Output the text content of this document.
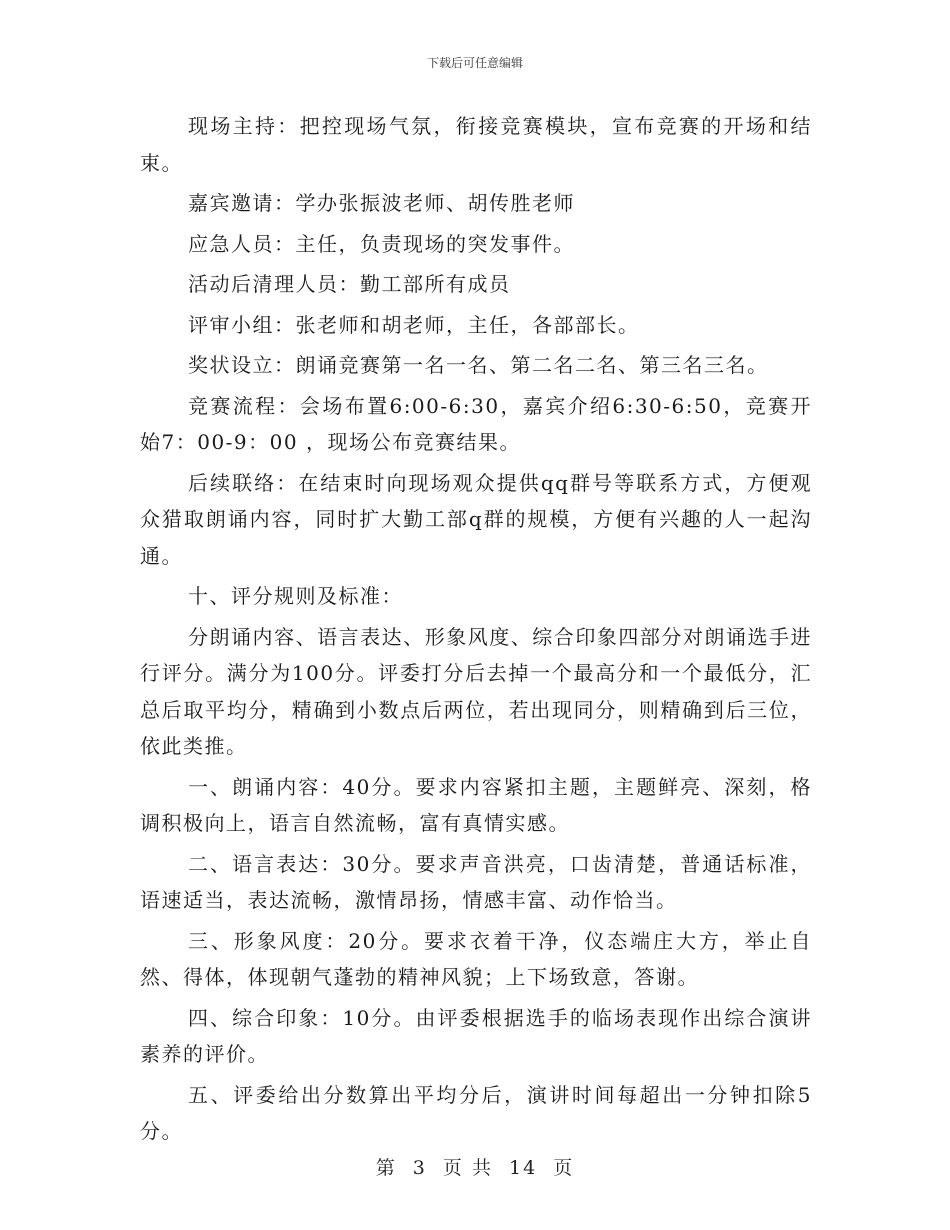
下载后可任意编辑

现场主持：把控现场气氛，衔接竞赛模块，宣布竞赛的开场和结束。

嘉宾邀请：学办张振波老师、胡传胜老师

应急人员：主任，负责现场的突发事件。

活动后清理人员：勤工部所有成员

评审小组：张老师和胡老师，主任，各部部长。

奖状设立：朗诵竞赛第一名一名、第二名二名、第三名三名。

竞赛流程：会场布置6:00-6:30，嘉宾介绍6:30-6:50，竞赛开始7：00-9：00 ，现场公布竞赛结果。

后续联络：在结束时向现场观众提供qq群号等联系方式，方便观众猎取朗诵内容，同时扩大勤工部q群的规模，方便有兴趣的人一起沟通。

十、评分规则及标准：

分朗诵内容、语言表达、形象风度、综合印象四部分对朗诵选手进行评分。满分为100分。评委打分后去掉一个最高分和一个最低分，汇总后取平均分，精确到小数点后两位，若出现同分，则精确到后三位，依此类推。

一、朗诵内容：40分。要求内容紧扣主题，主题鲜亮、深刻，格调积极向上，语言自然流畅，富有真情实感。

二、语言表达：30分。要求声音洪亮，口齿清楚，普通话标准，语速适当，表达流畅，激情昂扬，情感丰富、动作恰当。

三、形象风度：20分。要求衣着干净，仪态端庄大方，举止自然、得体，体现朝气蓬勃的精神风貌；上下场致意，答谢。

四、综合印象：10分。由评委根据选手的临场表现作出综合演讲素养的评价。

五、评委给出分数算出平均分后，演讲时间每超出一分钟扣除5分。

第 3 页 共 14 页
